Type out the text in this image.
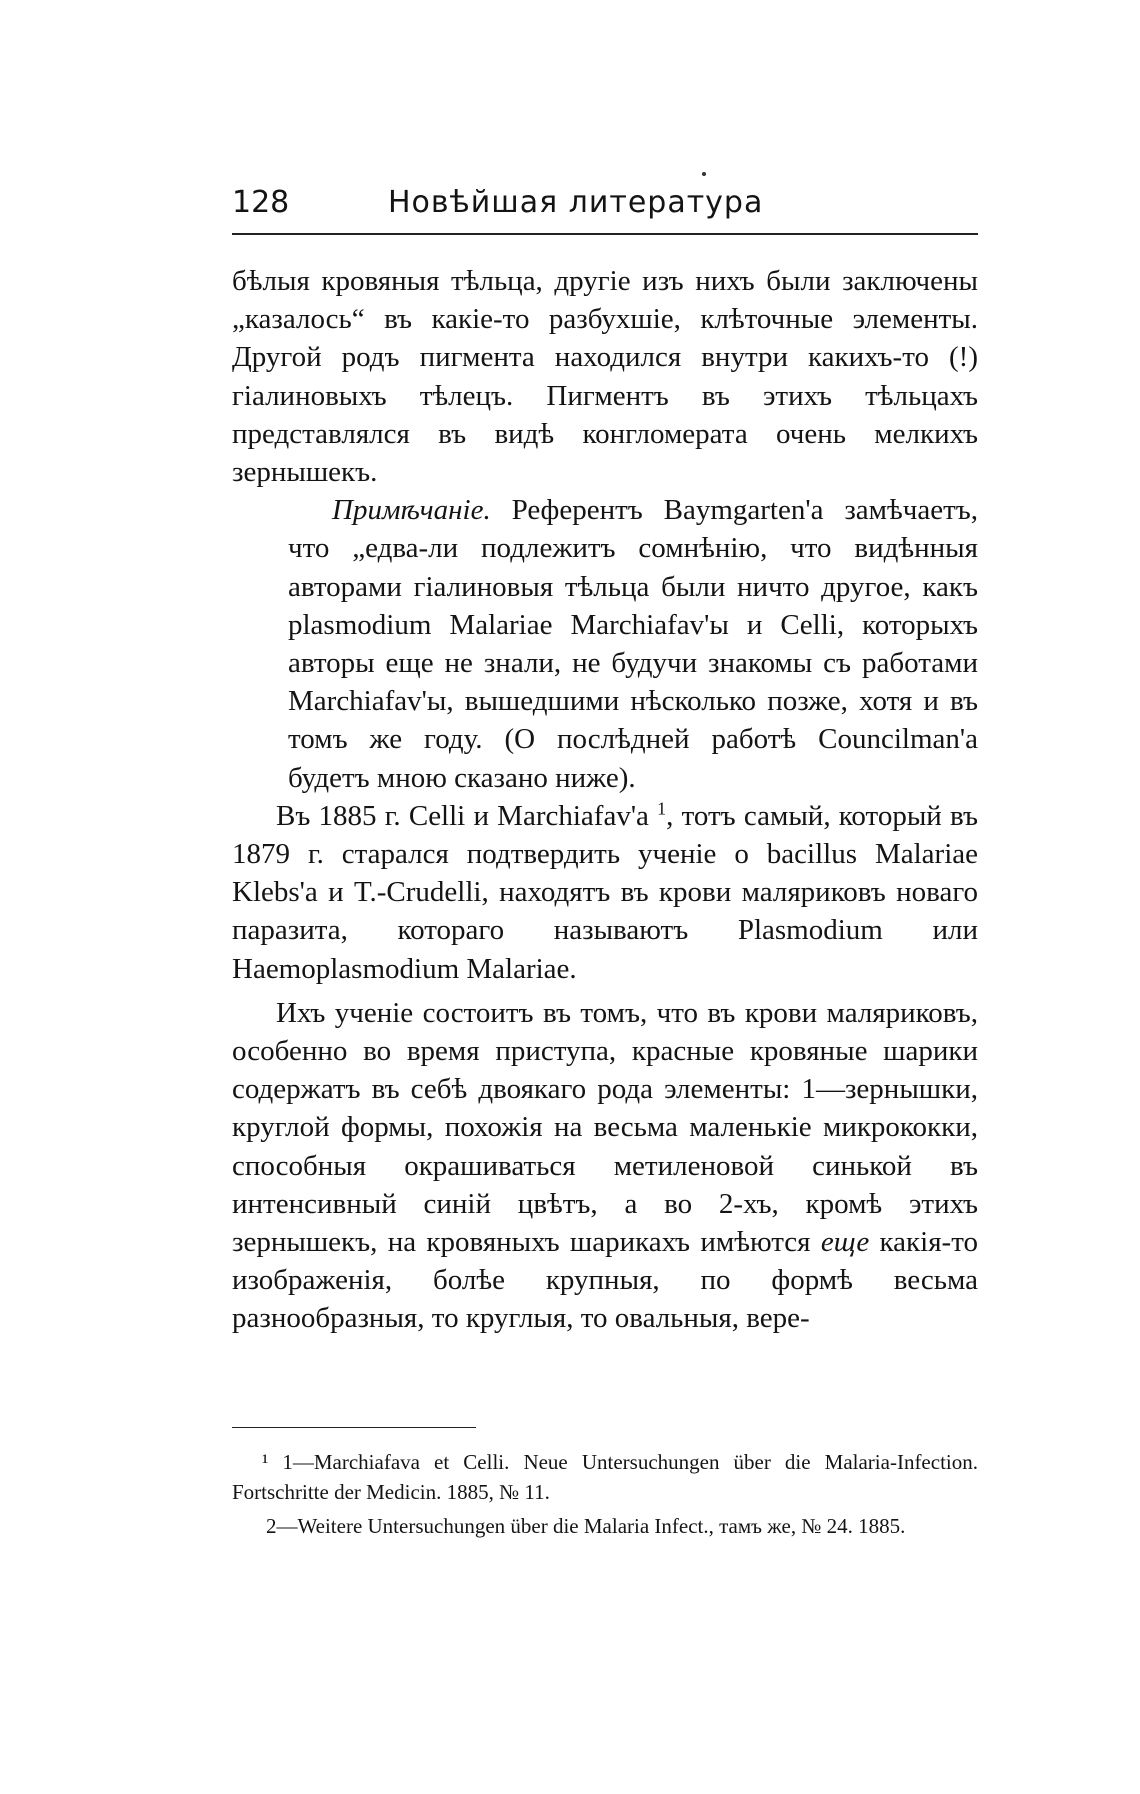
128	Новѣйшая литература

бѣлыя кровяныя тѣльца, другіе изъ нихъ были заключены „казалось“ въ какіе-то разбухшіе, клѣточные элементы. Другой родъ пигмента находился внутри какихъ-то (!) гіалиновыхъ тѣлецъ. Пигментъ въ этихъ тѣльцахъ представлялся въ видѣ конгломерата очень мелкихъ зернышекъ.

Примѣчаніе. Референтъ Baymgarten'a замѣчаетъ, что „едва-ли подлежитъ сомнѣнію, что видѣнныя авторами гіалиновыя тѣльца были ничто другое, какъ plasmodium Malariae Marchiafav'ы и Celli, которыхъ авторы еще не знали, не будучи знакомы съ работами Marchiafav'ы, вышедшими нѣсколько позже, хотя и въ томъ же году. (О послѣдней работѣ Councilman'a будетъ мною сказано ниже).

Въ 1885 г. Celli и Marchiafav'a $^1$, тотъ самый, который въ 1879 г. старался подтвердить ученіе о bacillus Malariae Klebs'a и T.-Crudelli, находятъ въ крови маляриковъ новаго паразита, котораго называютъ Plasmodium или Haemoplasmodium Malariae.

Ихъ ученіе состоитъ въ томъ, что въ крови маляриковъ, особенно во время приступа, красные кровяные шарики содержатъ въ себѣ двоякаго рода элементы: 1—зернышки, круглой формы, похожія на весьма маленькіе микрококки, способныя окрашиваться метиленовой синькой въ интенсивный синій цвѣтъ, а во 2-хъ, кромѣ этихъ зернышекъ, на кровяныхъ шарикахъ имѣются еще какія-то изображенія, болѣе крупныя, по формѣ весьма разнообразныя, то круглыя, то овальныя, вере-

¹ 1—Marchiafava et Celli. Neue Untersuchungen über die Malaria-Infection. Fortschritte der Medicin. 1885, № 11.

2—Weitere Untersuchungen über die Malaria Infect., тамъ же, № 24. 1885.
